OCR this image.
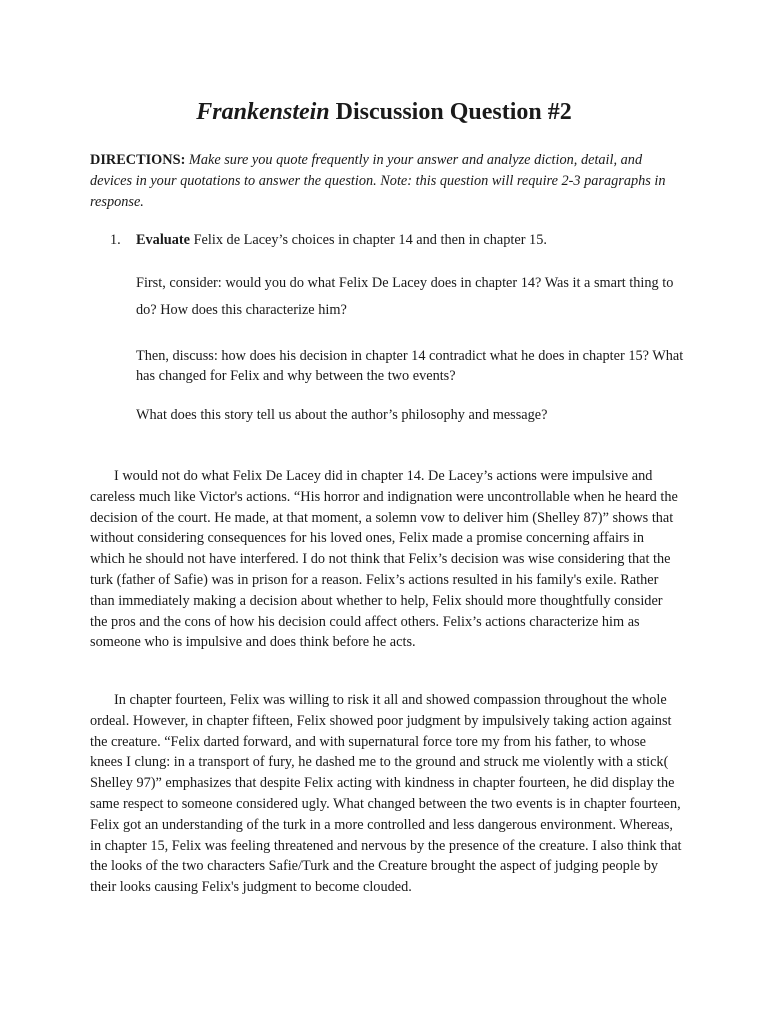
Frankenstein Discussion Question #2

DIRECTIONS: Make sure you quote frequently in your answer and analyze diction, detail, and devices in your quotations to answer the question. Note: this question will require 2-3 paragraphs in response.

1. Evaluate Felix de Lacey’s choices in chapter 14 and then in chapter 15.

First, consider: would you do what Felix De Lacey does in chapter 14? Was it a smart thing to do? How does this characterize him?

Then, discuss: how does his decision in chapter 14 contradict what he does in chapter 15? What has changed for Felix and why between the two events?

What does this story tell us about the author’s philosophy and message?

I would not do what Felix De Lacey did in chapter 14. De Lacey’s actions were impulsive and careless much like Victor's actions. “His horror and indignation were uncontrollable when he heard the decision of the court. He made, at that moment, a solemn vow to deliver him (Shelley 87)” shows that without considering consequences for his loved ones, Felix made a promise concerning affairs in which he should not have interfered. I do not think that Felix’s decision was wise considering that the turk (father of Safie) was in prison for a reason. Felix’s actions resulted in his family's exile. Rather than immediately making a decision about whether to help, Felix should more thoughtfully consider the pros and the cons of how his decision could affect others. Felix’s actions characterize him as someone who is impulsive and does think before he acts.

In chapter fourteen, Felix was willing to risk it all and showed compassion throughout the whole ordeal. However, in chapter fifteen, Felix showed poor judgment by impulsively taking action against the creature. “Felix darted forward, and with supernatural force tore my from his father, to whose knees I clung: in a transport of fury, he dashed me to the ground and struck me violently with a stick( Shelley 97)” emphasizes that despite Felix acting with kindness in chapter fourteen, he did display the same respect to someone considered ugly. What changed between the two events is in chapter fourteen, Felix got an understanding of the turk in a more controlled and less dangerous environment. Whereas, in chapter 15, Felix was feeling threatened and nervous by the presence of the creature. I also think that the looks of the two characters Safie/Turk and the Creature brought the aspect of judging people by their looks causing Felix's judgment to become clouded.
